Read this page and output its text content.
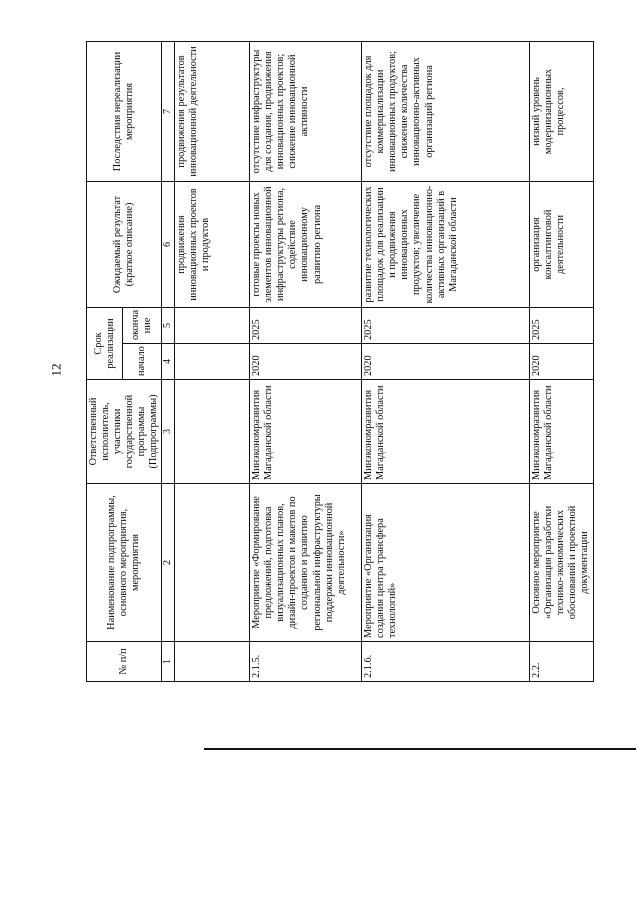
12
№ п/п	Наименование подпрограммы, основного мероприятия, мероприятия	Ответственный исполнитель, участники государственной программы (Подпрограммы)	Срок реализации		Ожидаемый результат (краткое описание)	Последствия нереализации мероприятия
			начало	оконча ние		
1	2	3	4	5	6	7
					продвижения инновационных проектов и продуктов	продвижения результатов инновационной деятельности
2.1.5.	Мероприятие «Формирование предложений, подготовка визуализационных планов, дизайн-проектов и макетов по созданию и развитию региональной инфраструктуры поддержки инновационной деятельности»	Минэкономразвития Магаданской области	2020	2025	готовые проекты новых элементов инновационной инфраструктуры региона, содействие инновационному развитию региона	отсутствие инфраструктуры для создания, продвижения инновационных проектов; снижение инновационной активности
2.1.6.	Мероприятие «Организация создания центра трансфера технологий»	Минэкономразвития Магаданской области	2020	2025	развитие технологических площадок для реализации и продвижения инновационных продуктов; увеличение количества инновационно-активных организаций в Магаданской области	отсутствие площадок для коммерциализации инновационных продуктов; снижение количества инновационно-активных организаций региона
2.2.	Основное мероприятие «Организация разработки технико-экономических обоснований и проектной документации	Минэкономразвития Магаданской области	2020	2025	организация консалтинговой деятельности	низкий уровень модернизационных процессов,
